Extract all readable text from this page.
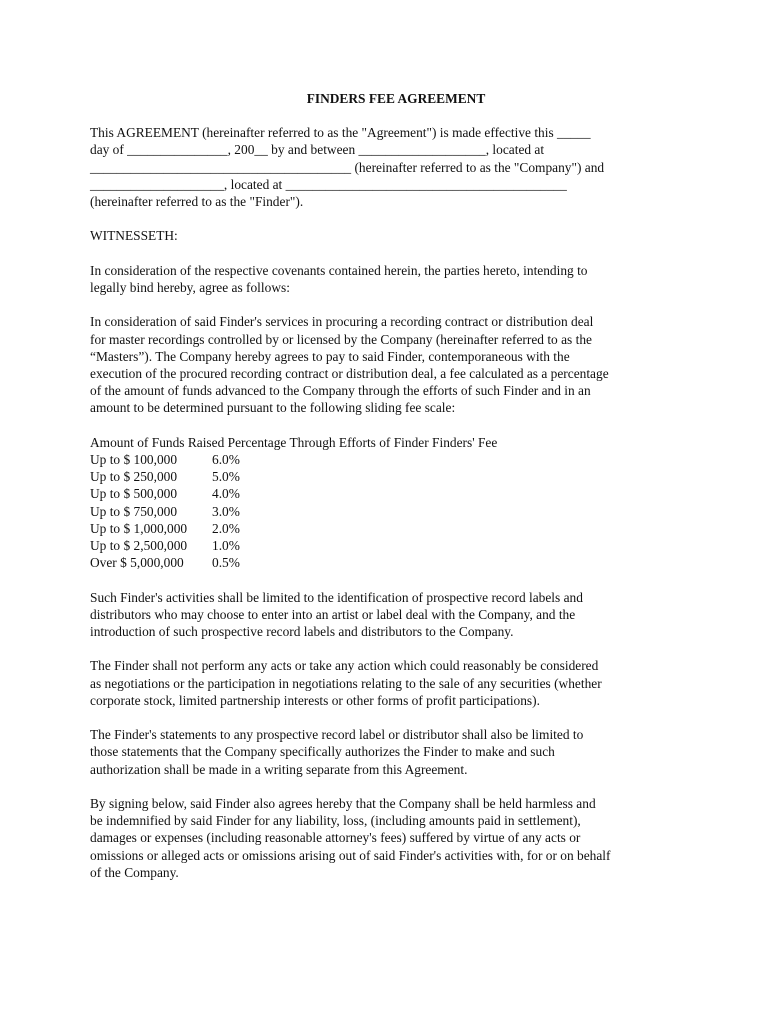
FINDERS FEE AGREEMENT

This AGREEMENT (hereinafter referred to as the "Agreement") is made effective this _____
day of _______________, 200__ by and between ___________________, located at
_______________________________________ (hereinafter referred to as the "Company") and
____________________, located at __________________________________________
(hereinafter referred to as the "Finder").

WITNESSETH:

In consideration of the respective covenants contained herein, the parties hereto, intending to
legally bind hereby, agree as follows:

In consideration of said Finder's services in procuring a recording contract or distribution deal
for master recordings controlled by or licensed by the Company (hereinafter referred to as the
“Masters”). The Company hereby agrees to pay to said Finder, contemporaneous with the
execution of the procured recording contract or distribution deal, a fee calculated as a percentage
of the amount of funds advanced to the Company through the efforts of such Finder and in an
amount to be determined pursuant to the following sliding fee scale:

Amount of Funds Raised Percentage Through Efforts of Finder Finders' Fee
Up to $ 100,000	6.0%
Up to $ 250,000	5.0%
Up to $ 500,000	4.0%
Up to $ 750,000	3.0%
Up to $ 1,000,000	2.0%
Up to $ 2,500,000	1.0%
Over $ 5,000,000	0.5%

Such Finder's activities shall be limited to the identification of prospective record labels and
distributors who may choose to enter into an artist or label deal with the Company, and the
introduction of such prospective record labels and distributors to the Company.

The Finder shall not perform any acts or take any action which could reasonably be considered
as negotiations or the participation in negotiations relating to the sale of any securities (whether
corporate stock, limited partnership interests or other forms of profit participations).

The Finder's statements to any prospective record label or distributor shall also be limited to
those statements that the Company specifically authorizes the Finder to make and such
authorization shall be made in a writing separate from this Agreement.

By signing below, said Finder also agrees hereby that the Company shall be held harmless and
be indemnified by said Finder for any liability, loss, (including amounts paid in settlement),
damages or expenses (including reasonable attorney's fees) suffered by virtue of any acts or
omissions or alleged acts or omissions arising out of said Finder's activities with, for or on behalf
of the Company.
